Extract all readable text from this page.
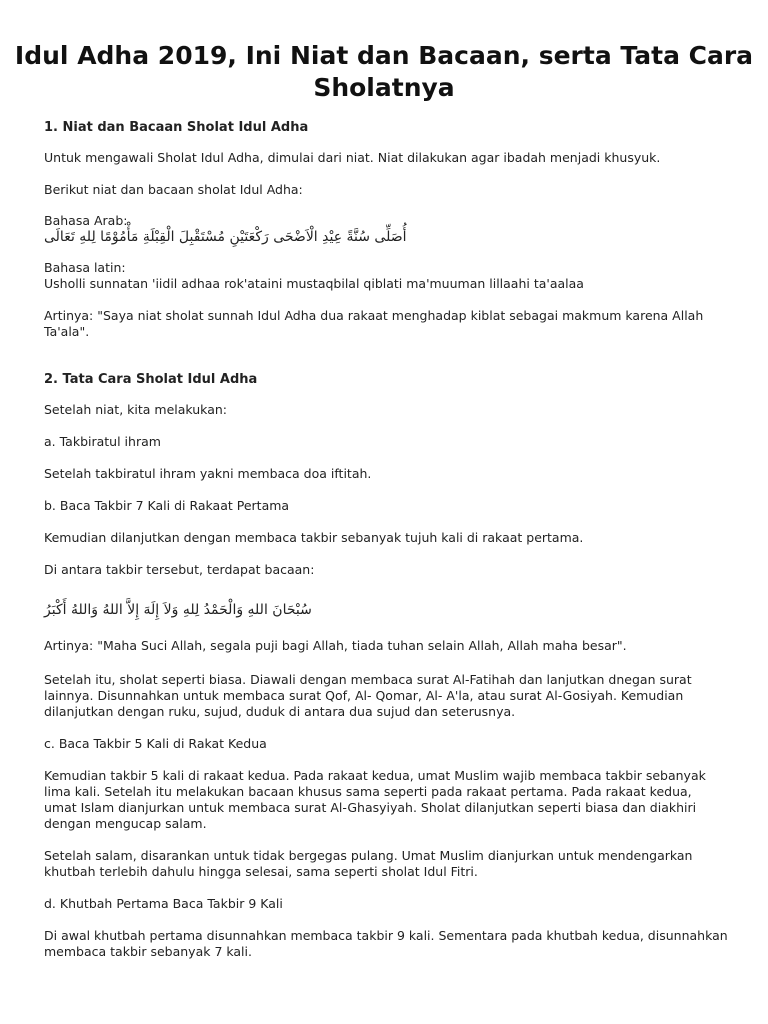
Idul Adha 2019, Ini Niat dan Bacaan, serta Tata Cara Sholatnya
1. Niat dan Bacaan Sholat Idul Adha
Untuk mengawali Sholat Idul Adha, dimulai dari niat. Niat dilakukan agar ibadah menjadi khusyuk.
Berikut niat dan bacaan sholat Idul Adha:
Bahasa Arab:
أُصَلِّى سُنَّةً عِيْدِ الْاَضْحَى رَكْعَتَيْنِ مُسْتَقْبِلَ الْقِبْلَةِ مَأْمُوْمًا لِلهِ تَعَالَى
Bahasa latin:
Usholli sunnatan 'iidil adhaa rok'ataini mustaqbilal qiblati ma'muuman lillaahi ta'aalaa
Artinya: "Saya niat sholat sunnah Idul Adha dua rakaat menghadap kiblat sebagai makmum karena Allah Ta'ala".
2. Tata Cara Sholat Idul Adha
Setelah niat, kita melakukan:
a. Takbiratul ihram
Setelah takbiratul ihram yakni membaca doa iftitah.
b. Baca Takbir 7 Kali di Rakaat Pertama
Kemudian dilanjutkan dengan membaca takbir sebanyak tujuh kali di rakaat pertama.
Di antara takbir tersebut, terdapat bacaan:
سُبْحَانَ اللهِ وَالْحَمْدُ لِلهِ وَلاَ إِلَهَ إِلاَّ اللهُ وَاللهُ أَكْبَرُ
Artinya: "Maha Suci Allah, segala puji bagi Allah, tiada tuhan selain Allah, Allah maha besar".
Setelah itu, sholat seperti biasa. Diawali dengan membaca surat Al-Fatihah dan lanjutkan dnegan surat lainnya. Disunnahkan untuk membaca surat Qof, Al- Qomar, Al- A'la, atau surat Al-Gosiyah. Kemudian dilanjutkan dengan ruku, sujud, duduk di antara dua sujud dan seterusnya.
c. Baca Takbir 5 Kali di Rakat Kedua
Kemudian takbir 5 kali di rakaat kedua. Pada rakaat kedua, umat Muslim wajib membaca takbir sebanyak lima kali. Setelah itu melakukan bacaan khusus sama seperti pada rakaat pertama. Pada rakaat kedua, umat Islam dianjurkan untuk membaca surat Al-Ghasyiyah. Sholat dilanjutkan seperti biasa dan diakhiri dengan mengucap salam.
Setelah salam, disarankan untuk tidak bergegas pulang. Umat Muslim dianjurkan untuk mendengarkan khutbah terlebih dahulu hingga selesai, sama seperti sholat Idul Fitri.
d. Khutbah Pertama Baca Takbir 9 Kali
Di awal khutbah pertama disunnahkan membaca takbir 9 kali. Sementara pada khutbah kedua, disunnahkan membaca takbir sebanyak 7 kali.
